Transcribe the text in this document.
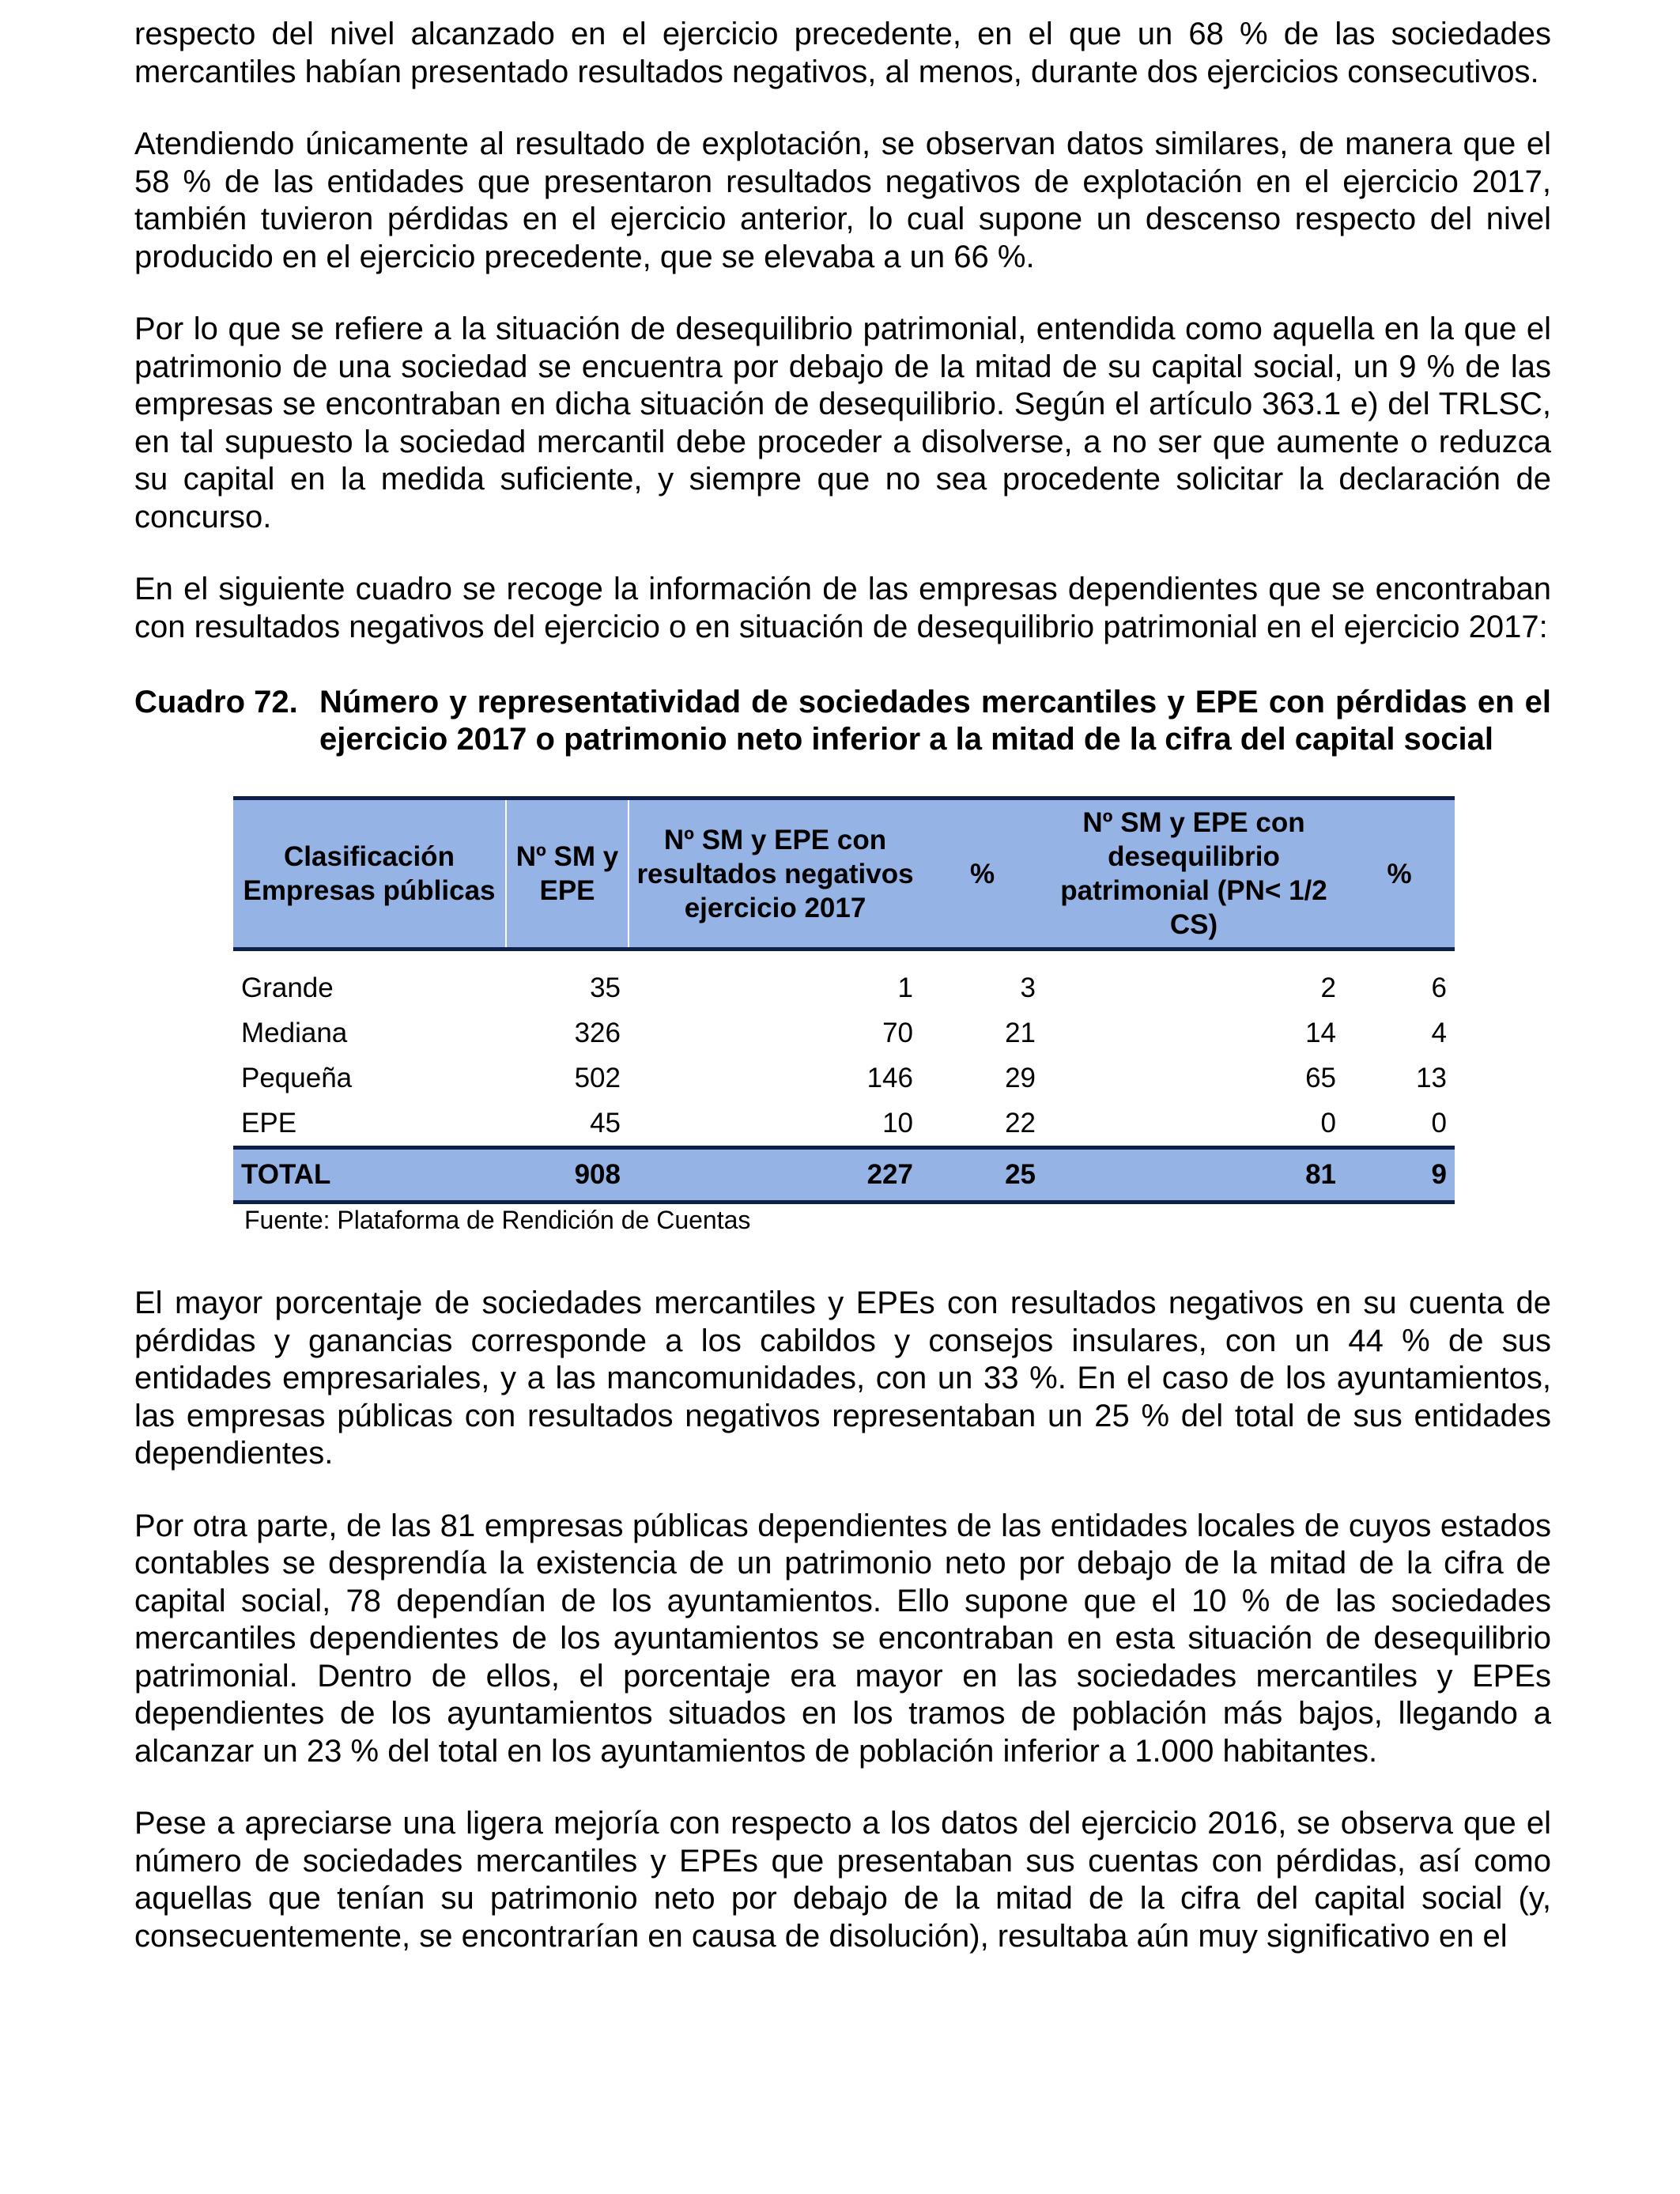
respecto del nivel alcanzado en el ejercicio precedente, en el que un 68 % de las sociedades mercantiles habían presentado resultados negativos, al menos, durante dos ejercicios consecutivos.

Atendiendo únicamente al resultado de explotación, se observan datos similares, de manera que el 58 % de las entidades que presentaron resultados negativos de explotación en el ejercicio 2017, también tuvieron pérdidas en el ejercicio anterior, lo cual supone un descenso respecto del nivel producido en el ejercicio precedente, que se elevaba a un 66 %.

Por lo que se refiere a la situación de desequilibrio patrimonial, entendida como aquella en la que el patrimonio de una sociedad se encuentra por debajo de la mitad de su capital social, un 9 % de las empresas se encontraban en dicha situación de desequilibrio. Según el artículo 363.1 e) del TRLSC, en tal supuesto la sociedad mercantil debe proceder a disolverse, a no ser que aumente o reduzca su capital en la medida suficiente, y siempre que no sea procedente solicitar la declaración de concurso.

En el siguiente cuadro se recoge la información de las empresas dependientes que se encontraban con resultados negativos del ejercicio o en situación de desequilibrio patrimonial en el ejercicio 2017:

Cuadro 72. Número y representatividad de sociedades mercantiles y EPE con pérdidas en el ejercicio 2017 o patrimonio neto inferior a la mitad de la cifra del capital social
Clasificación Empresas públicas	Nº SM y EPE	Nº SM y EPE con resultados negativos ejercicio 2017	%	Nº SM y EPE con desequilibrio patrimonial (PN< 1/2 CS)	%
Grande	35	1	3	2	6
Mediana	326	70	21	14	4
Pequeña	502	146	29	65	13
EPE	45	10	22	0	0
TOTAL	908	227	25	81	9
Fuente: Plataforma de Rendición de Cuentas

El mayor porcentaje de sociedades mercantiles y EPEs con resultados negativos en su cuenta de pérdidas y ganancias corresponde a los cabildos y consejos insulares, con un 44 % de sus entidades empresariales, y a las mancomunidades, con un 33 %. En el caso de los ayuntamientos, las empresas públicas con resultados negativos representaban un 25 % del total de sus entidades dependientes.

Por otra parte, de las 81 empresas públicas dependientes de las entidades locales de cuyos estados contables se desprendía la existencia de un patrimonio neto por debajo de la mitad de la cifra de capital social, 78 dependían de los ayuntamientos. Ello supone que el 10 % de las sociedades mercantiles dependientes de los ayuntamientos se encontraban en esta situación de desequilibrio patrimonial. Dentro de ellos, el porcentaje era mayor en las sociedades mercantiles y EPEs dependientes de los ayuntamientos situados en los tramos de población más bajos, llegando a alcanzar un 23 % del total en los ayuntamientos de población inferior a 1.000 habitantes.

Pese a apreciarse una ligera mejoría con respecto a los datos del ejercicio 2016, se observa que el número de sociedades mercantiles y EPEs que presentaban sus cuentas con pérdidas, así como aquellas que tenían su patrimonio neto por debajo de la mitad de la cifra del capital social (y, consecuentemente, se encontrarían en causa de disolución), resultaba aún muy significativo en el
